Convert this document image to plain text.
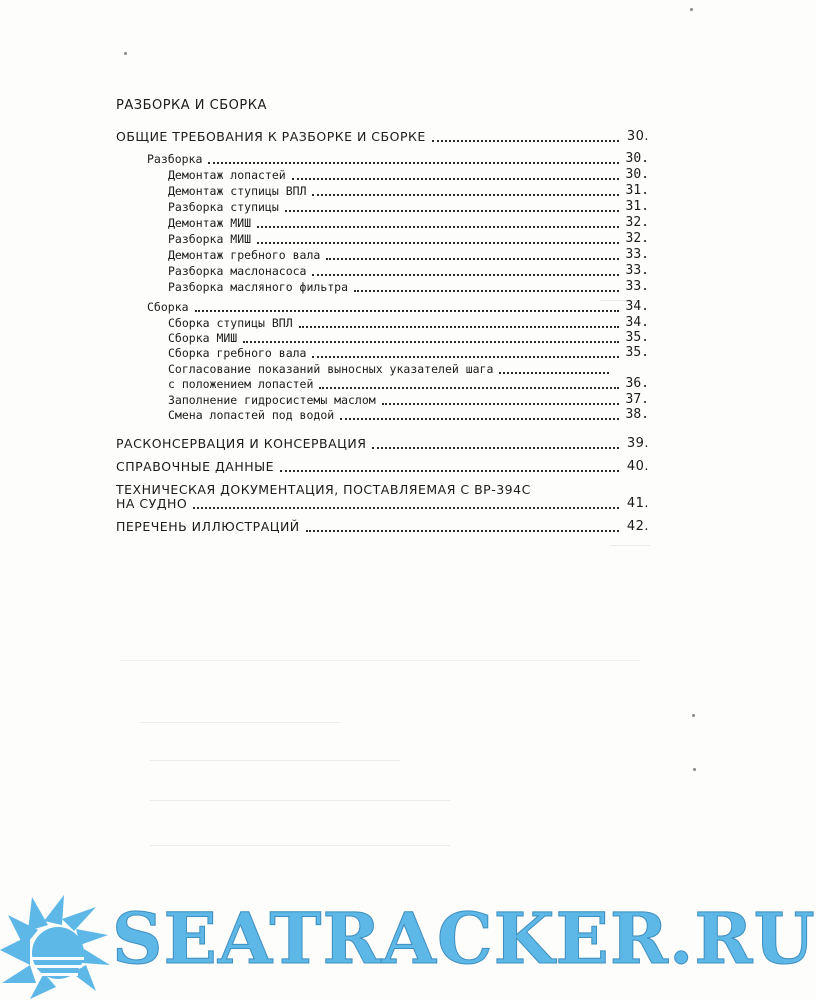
РАЗБОРКА И СБОРКА
ОБЩИЕ ТРЕБОВАНИЯ К РАЗБОРКЕ И СБОРКЕ	30.
Разборка	30.
Демонтаж лопастей	30.
Демонтаж ступицы ВПЛ	31.
Разборка ступицы	31.
Демонтаж МИШ	32.
Разборка МИШ	32.
Демонтаж гребного вала	33.
Разборка маслонасоса	33.
Разборка масляного фильтра	33.
Сборка	34.
Сборка ступицы ВПЛ	34.
Сборка МИШ	35.
Сборка гребного вала	35.
Согласование показаний выносных указателей шага
с положением лопастей	36.
Заполнение гидросистемы маслом	37.
Смена лопастей под водой	38.
РАСКОНСЕРВАЦИЯ И КОНСЕРВАЦИЯ	39.
СПРАВОЧНЫЕ ДАННЫЕ	40.
ТЕХНИЧЕСКАЯ ДОКУМЕНТАЦИЯ, ПОСТАВЛЯЕМАЯ С ВР-394С
НА СУДНО	41.
ПЕРЕЧЕНЬ ИЛЛЮСТРАЦИЙ	42.
SEATRACKER.RU
